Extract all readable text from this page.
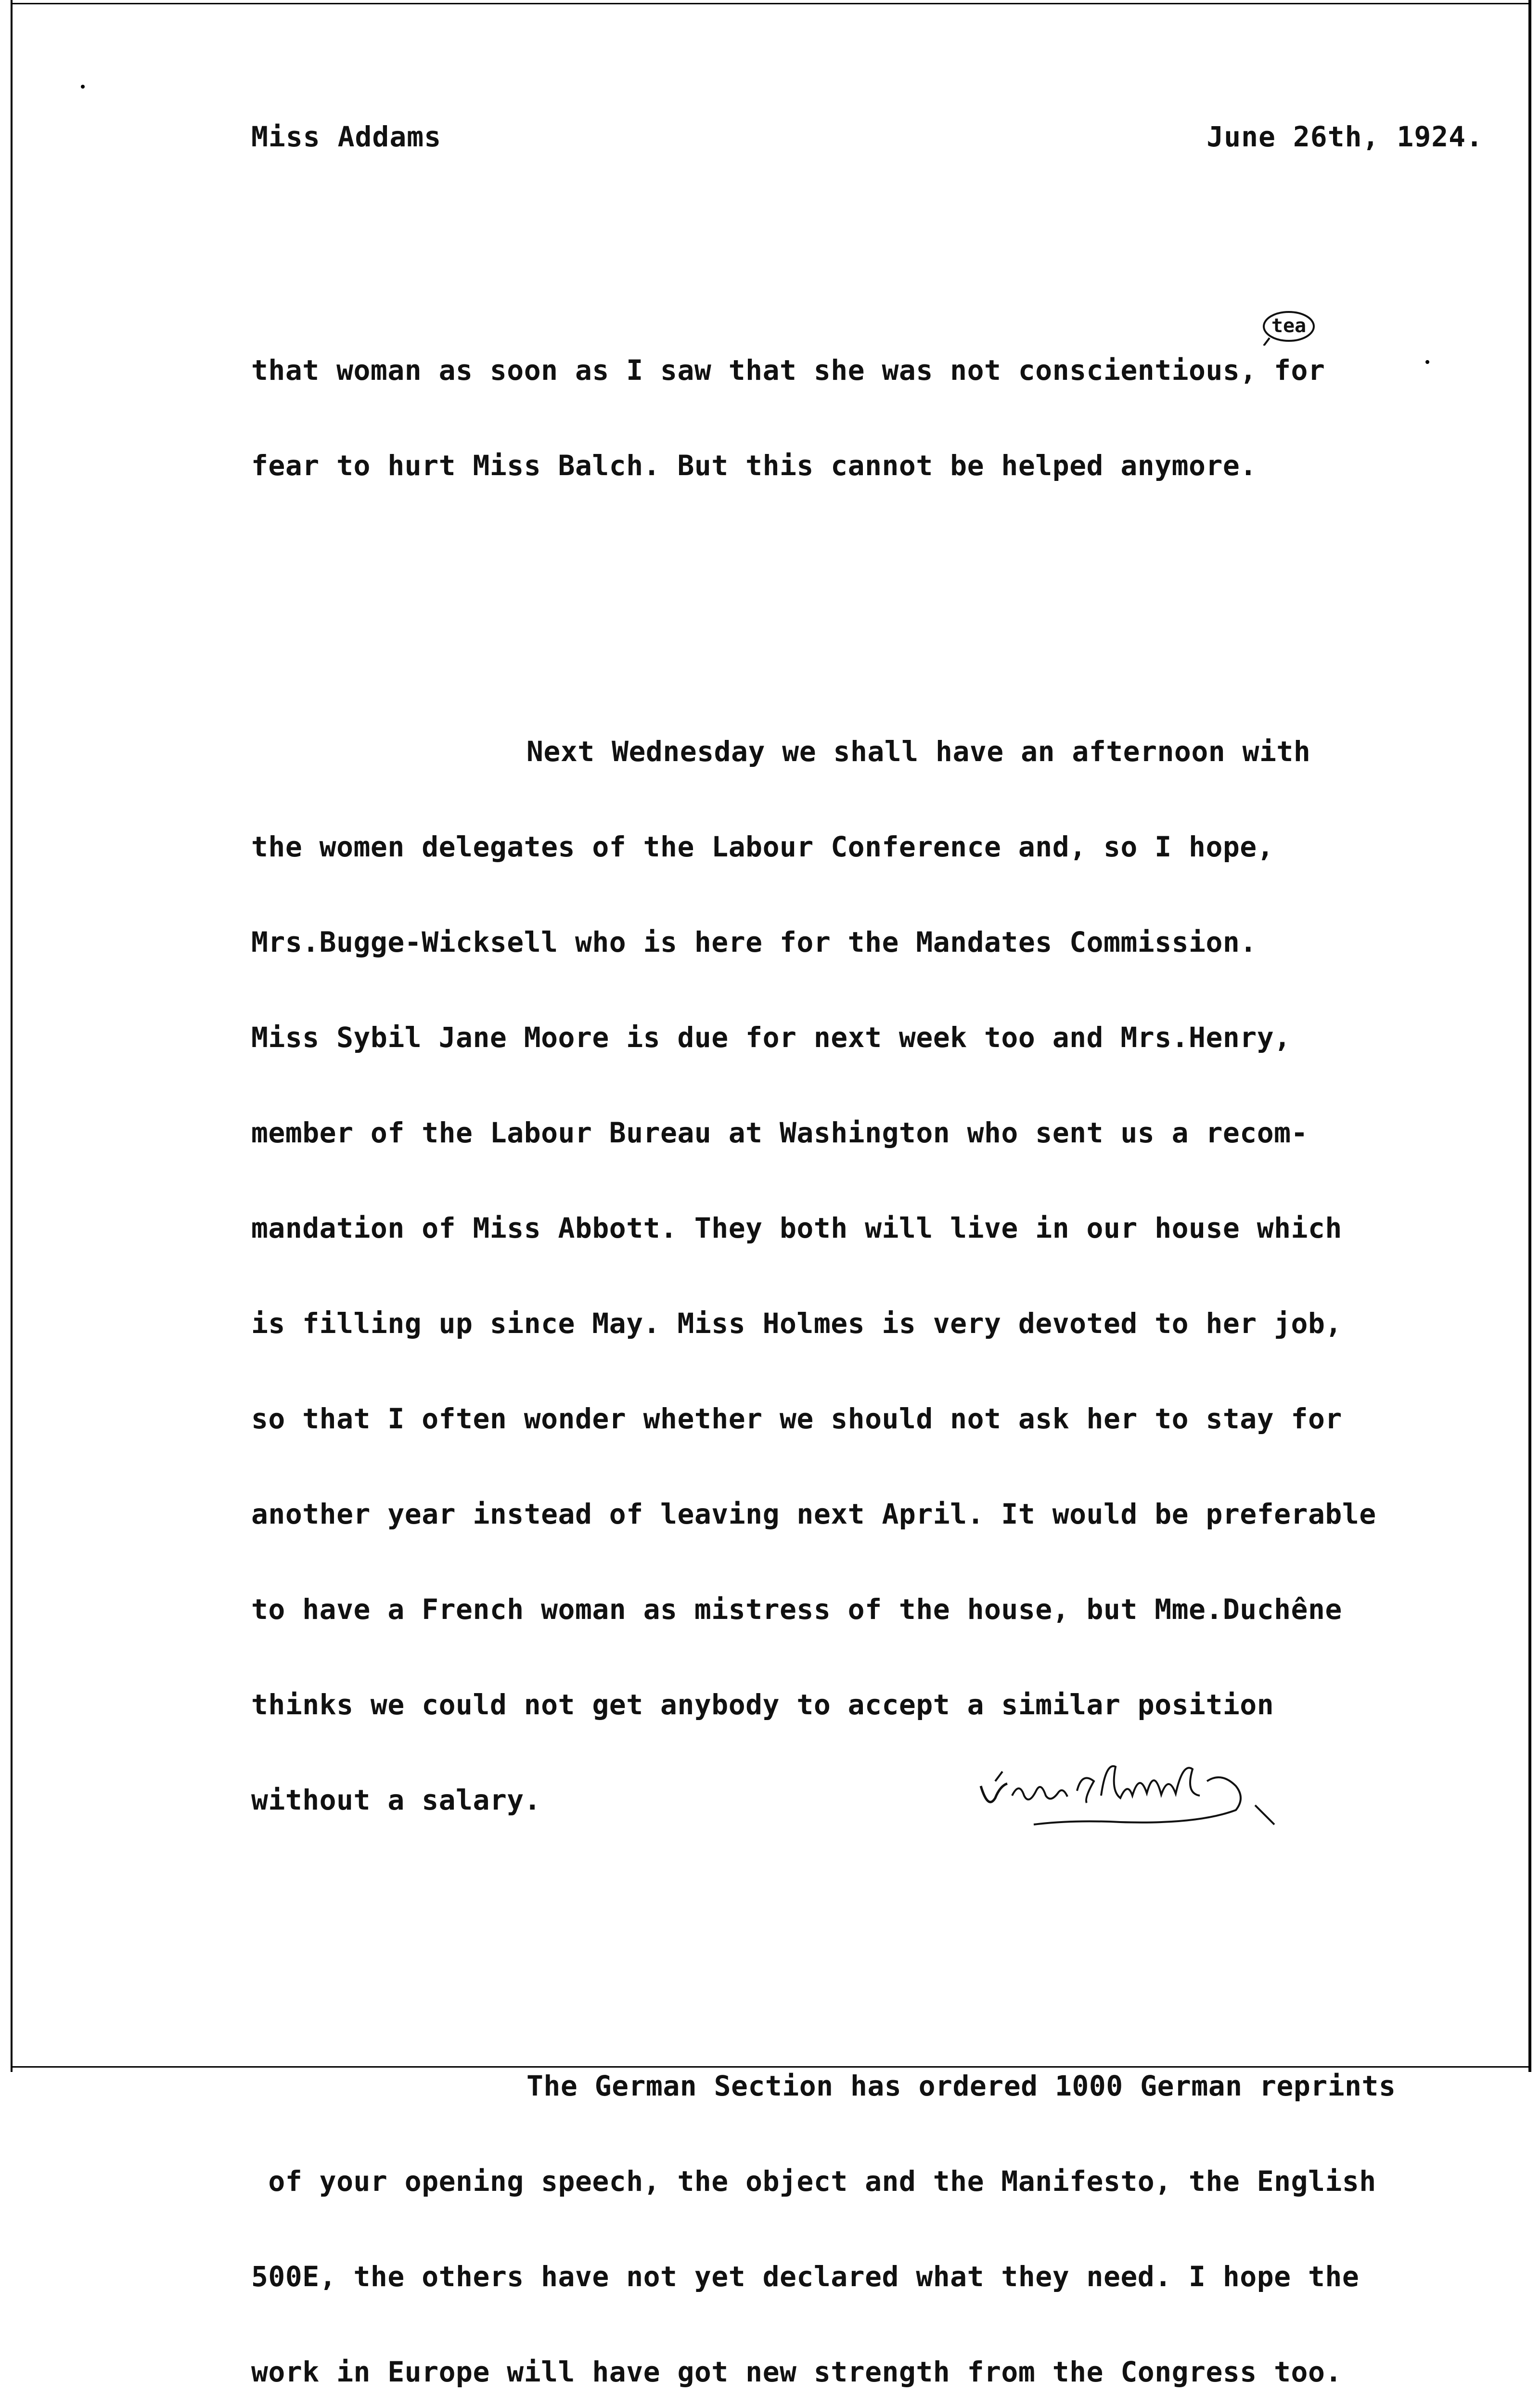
Miss Addams	June 26th, 1924.

that woman as soon as I saw that she was not conscientious, for

fear to hurt Miss Balch. But this cannot be helped anymore.

Next Wednesday we shall have an afternoon with

the women delegates of the Labour Conference and, so I hope,

Mrs.Bugge-Wicksell who is here for the Mandates Commission.

Miss Sybil Jane Moore is due for next week too and Mrs.Henry,

member of the Labour Bureau at Washington who sent us a recom-

mandation of Miss Abbott. They both will live in our house which

is filling up since May. Miss Holmes is very devoted to her job,

so that I often wonder whether we should not ask her to stay for

another year instead of leaving next April. It would be preferable

to have a French woman as mistress of the house, but Mme.Duchêne

thinks we could not get anybody to accept a similar position

without a salary.

The German Section has ordered 1000 German reprints

of your opening speech, the object and the Manifesto, the English

500E, the others have not yet declared what they need. I hope the

work in Europe will have got new strength from the Congress too.

tea
